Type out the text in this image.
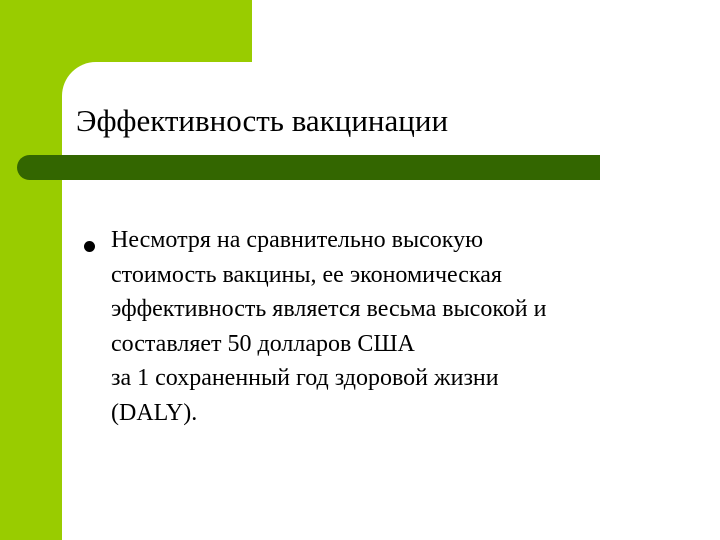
Эффективность вакцинации

Несмотря на сравнительно высокую
стоимость вакцины, ее экономическая
эффективность является весьма высокой и
составляет 50 долларов США
за 1 сохраненный год здоровой жизни
(DALY).
